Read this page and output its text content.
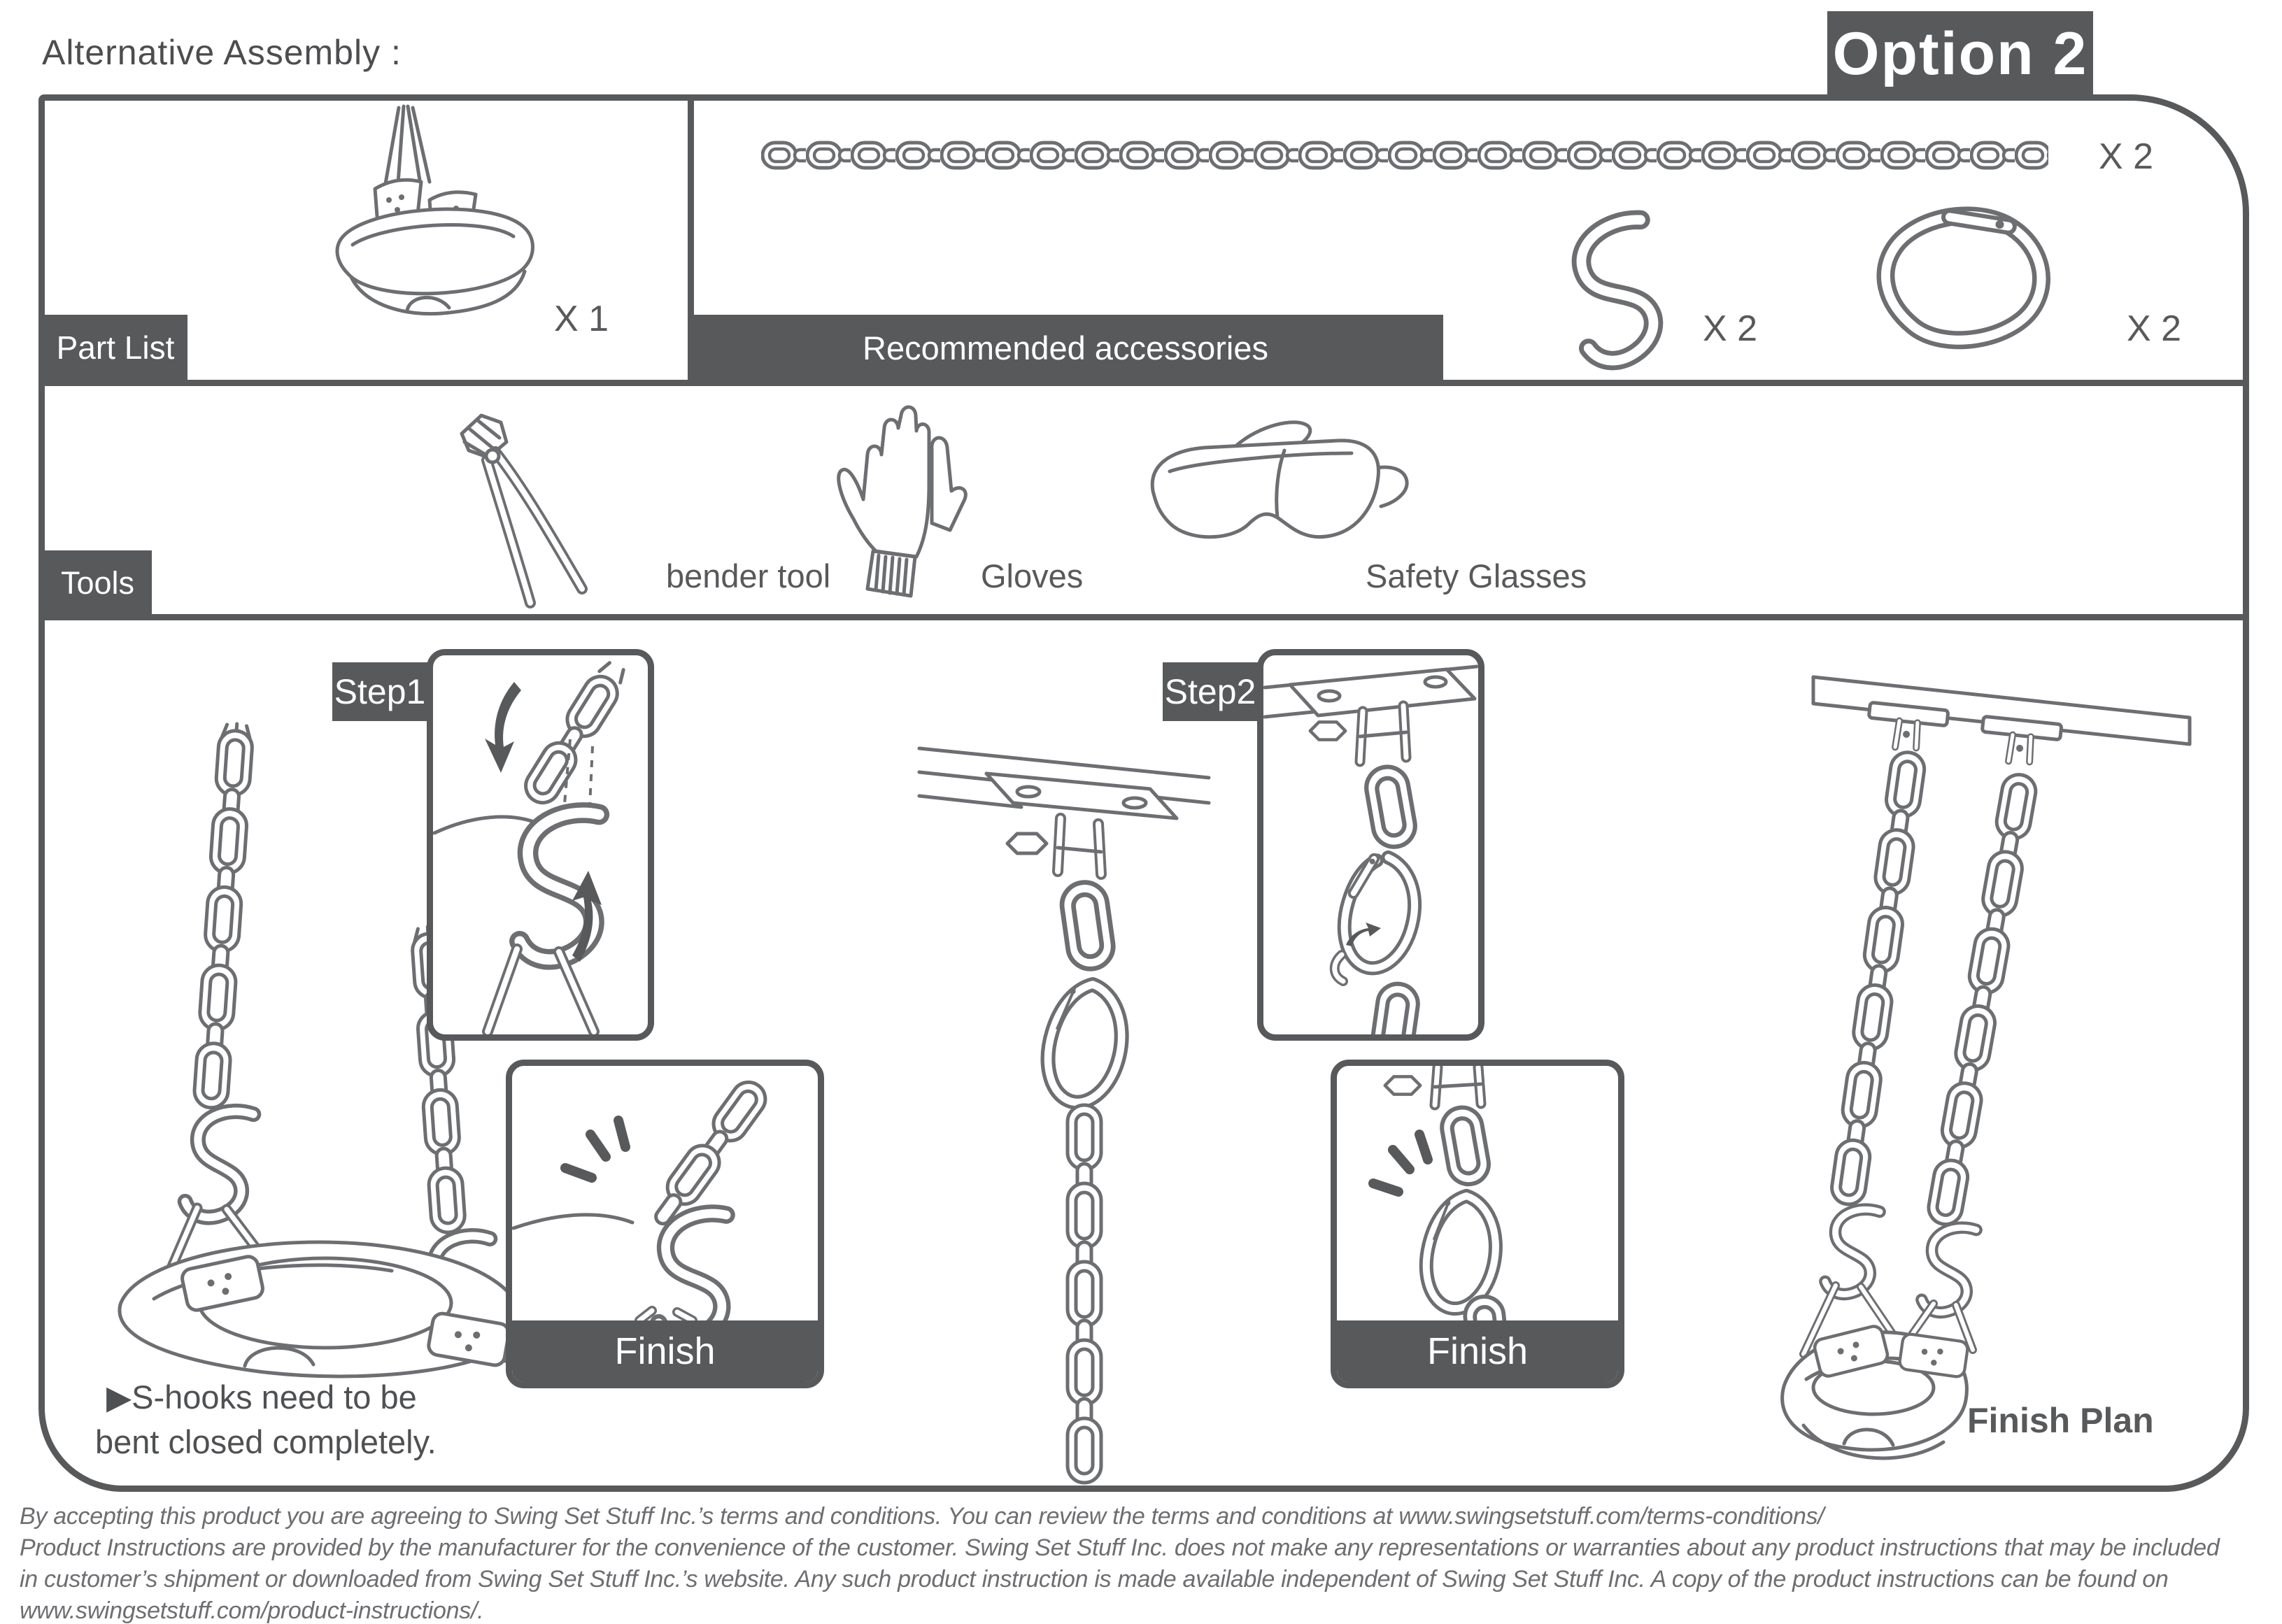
Alternative Assembly :	Option 2
X 1
X 2
X 2	X 2
bender tool	Gloves	Safety Glasses
▶S-hooks need to be
bent closed completely.
Step1
Finish
Step2
Finish
Finish Plan
Part List	Recommended accessories
Tools
By accepting this product you are agreeing to Swing Set Stuff Inc.’s terms and conditions. You can review the terms and conditions at www.swingsetstuff.com/terms-conditions/
Product Instructions are provided by the manufacturer for the convenience of the customer. Swing Set Stuff Inc. does not make any representations or warranties about any product instructions that may be included
in customer’s shipment or downloaded from Swing Set Stuff Inc.’s website. Any such product instruction is made available independent of Swing Set Stuff Inc. A copy of the product instructions can be found on
www.swingsetstuff.com/product-instructions/.
